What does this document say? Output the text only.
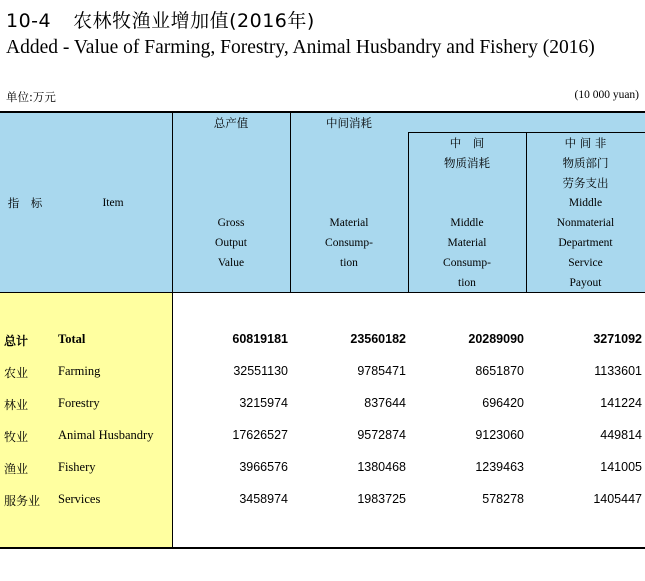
10-4 农林牧渔业增加值(2016年)
Added - Value of Farming, Forestry, Animal Husbandry and Fishery (2016)
单位:万元	(10 000 yuan)
指　标	Item
总产值
Gross
Output
Value
中间消耗
Material
Consump-
tion
中　间
物质消耗
Middle
Material
Consump-
tion
中 间 非
物质部门
劳务支出
Middle
Nonmaterial
Department
Service
Payout
总计 Total	60819181	23560182	20289090	3271092
农业 Farming	32551130	9785471	8651870	1133601
林业 Forestry	3215974	837644	696420	141224
牧业 Animal Husbandry	17626527	9572874	9123060	449814
渔业 Fishery	3966576	1380468	1239463	141005
服务业 Services	3458974	1983725	578278	1405447
